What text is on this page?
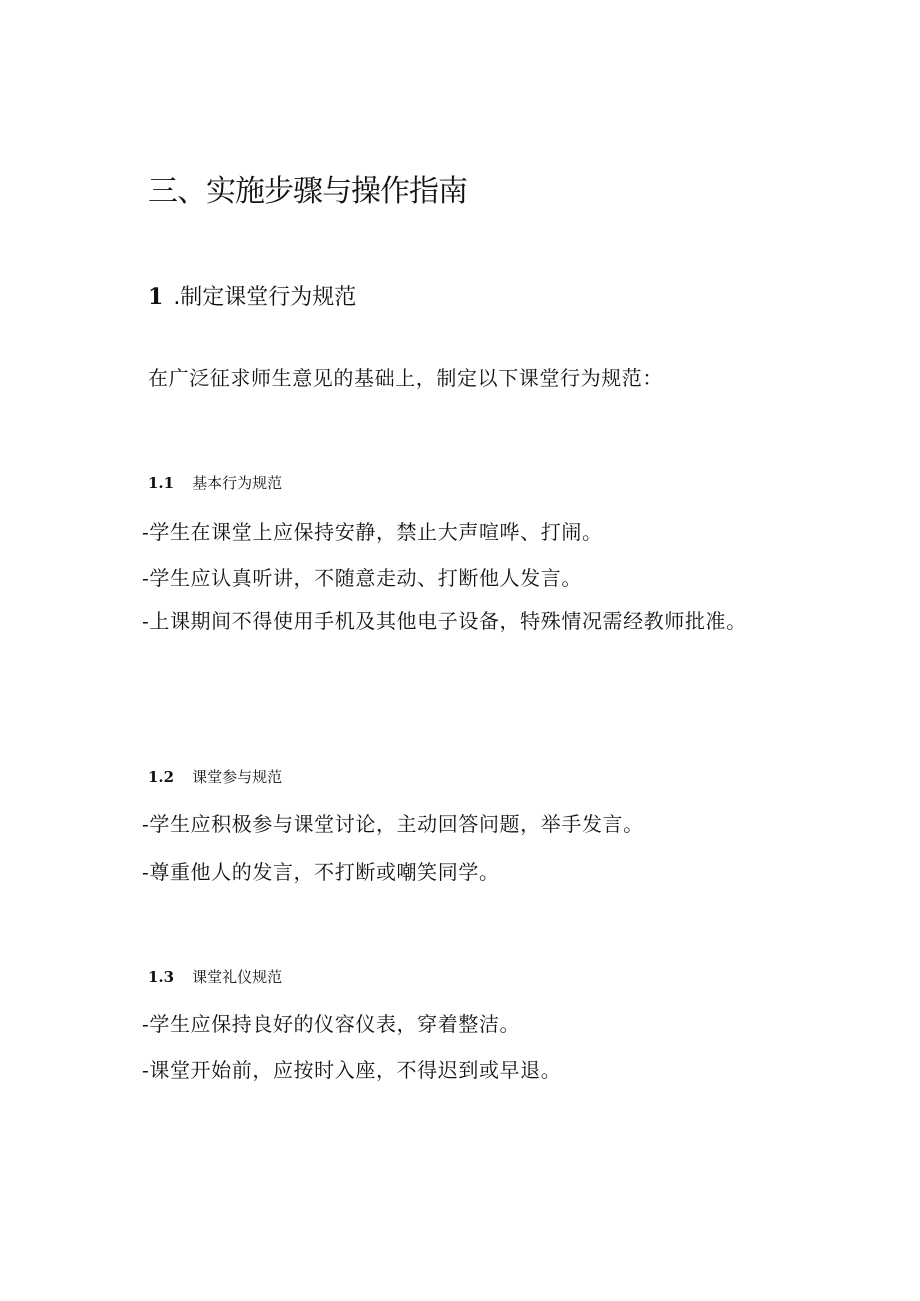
三、实施步骤与操作指南
1 .制定课堂行为规范
在广泛征求师生意见的基础上，制定以下课堂行为规范：
1.1 基本行为规范
-学生在课堂上应保持安静，禁止大声喧哗、打闹。
-学生应认真听讲，不随意走动、打断他人发言。
-上课期间不得使用手机及其他电子设备，特殊情况需经教师批准。
1.2 课堂参与规范
-学生应积极参与课堂讨论，主动回答问题，举手发言。
-尊重他人的发言，不打断或嘲笑同学。
1.3 课堂礼仪规范
-学生应保持良好的仪容仪表，穿着整洁。
-课堂开始前，应按时入座，不得迟到或早退。
